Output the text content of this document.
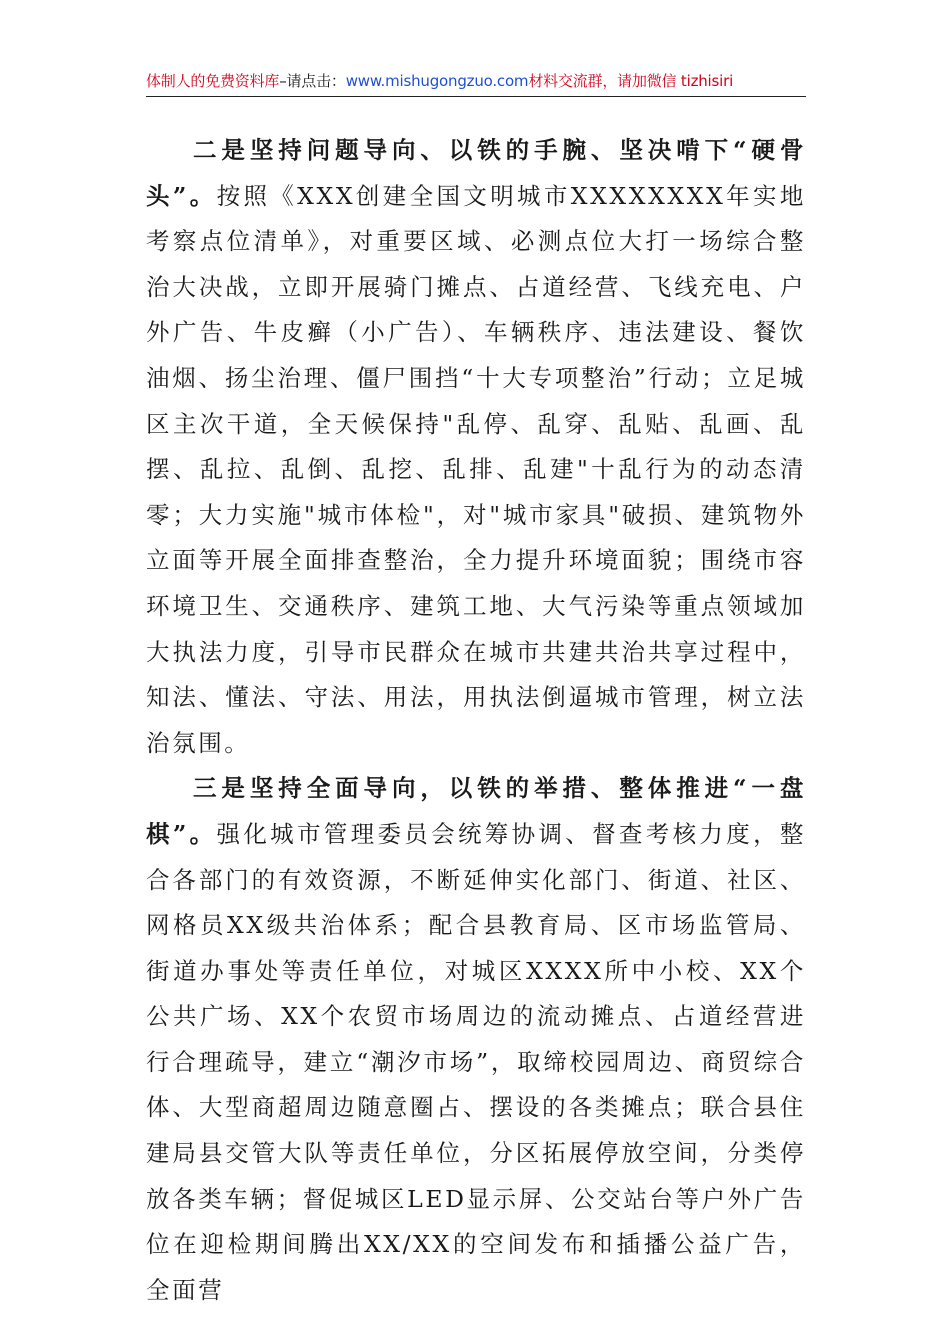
体制人的免费资料库–请点击：www.mishugongzuo.com材料交流群，请加微信 tizhisiri

二是坚持问题导向、以铁的手腕、坚决啃下“硬骨头”。按照《XXX创建全国文明城市XXXXXXXX年实地考察点位清单》，对重要区域、必测点位大打一场综合整治大决战，立即开展骑门摊点、占道经营、飞线充电、户外广告、牛皮癣（小广告）、车辆秩序、违法建设、餐饮油烟、扬尘治理、僵尸围挡“十大专项整治”行动；立足城区主次干道，全天候保持"乱停、乱穿、乱贴、乱画、乱摆、乱拉、乱倒、乱挖、乱排、乱建"十乱行为的动态清零；大力实施"城市体检"，对"城市家具"破损、建筑物外立面等开展全面排查整治，全力提升环境面貌；围绕市容环境卫生、交通秩序、建筑工地、大气污染等重点领域加大执法力度，引导市民群众在城市共建共治共享过程中，知法、懂法、守法、用法，用执法倒逼城市管理，树立法治氛围。

三是坚持全面导向，以铁的举措、整体推进“一盘棋”。强化城市管理委员会统筹协调、督查考核力度，整合各部门的有效资源，不断延伸实化部门、街道、社区、网格员XX级共治体系；配合县教育局、区市场监管局、街道办事处等责任单位，对城区XXXX所中小校、XX个公共广场、XX个农贸市场周边的流动摊点、占道经营进行合理疏导，建立“潮汐市场”，取缔校园周边、商贸综合体、大型商超周边随意圈占、摆设的各类摊点；联合县住建局县交管大队等责任单位，分区拓展停放空间，分类停放各类车辆；督促城区LED显示屏、公交站台等户外广告位在迎检期间腾出XX/XX的空间发布和插播公益广告，全面营
